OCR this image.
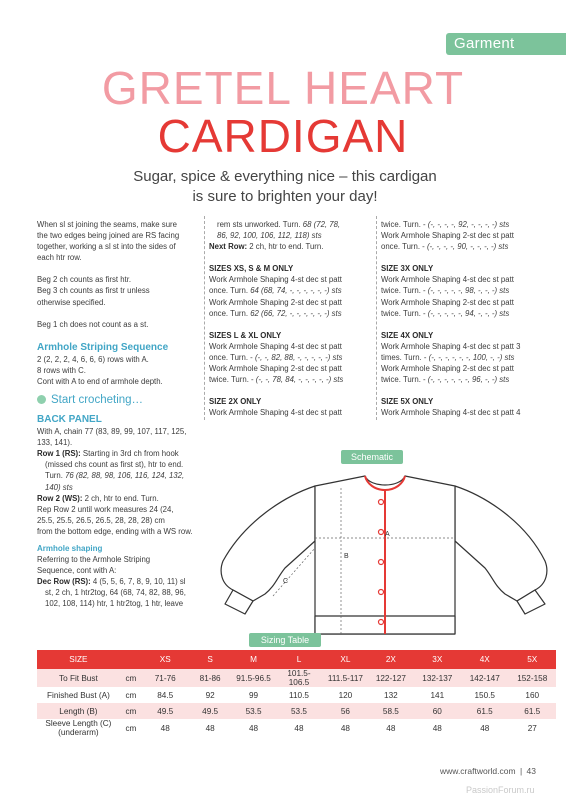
Garment
GRETEL HEART
CARDIGAN
Sugar, spice & everything nice – this cardigan
is sure to brighten your day!

When sl st joining the seams, make sure

the two edges being joined are RS facing

together, working a sl st into the sides of

each htr row.

Beg 2 ch counts as first htr.

Beg 3 ch counts as first tr unless

otherwise specified.

Beg 1 ch does not count as a st.

Armhole Striping Sequence

2 (2, 2, 2, 4, 6, 6, 6) rows with A.

8 rows with C.

Cont with A to end of armhole depth.

Start crocheting…

BACK PANEL

With A, chain 77 (83, 89, 99, 107, 117, 125,

133, 141).

Row 1 (RS): Starting in 3rd ch from hook

(missed chs count as first st), htr to end.

Turn. 76 (82, 88, 98, 106, 116, 124, 132,

140) sts

Row 2 (WS): 2 ch, htr to end. Turn.

Rep Row 2 until work measures 24 (24,

25.5, 25.5, 26.5, 26.5, 28, 28, 28) cm

from the bottom edge, ending with a WS row.

Armhole shaping

Referring to the Armhole Striping

Sequence, cont with A:

Dec Row (RS): 4 (5, 5, 6, 7, 8, 9, 10, 11) sl

st, 2 ch, 1 htr2tog, 64 (68, 74, 82, 88, 96,

102, 108, 114) htr, 1 htr2tog, 1 htr, leave

rem sts unworked. Turn. 68 (72, 78,

86, 92, 100, 106, 112, 118) sts

Next Row: 2 ch, htr to end. Turn.

SIZES XS, S & M ONLY

Work Armhole Shaping 4-st dec st patt

once. Turn. 64 (68, 74, -, -, -, -, -, -) sts

Work Armhole Shaping 2-st dec st patt

once. Turn. 62 (66, 72, -, -, -, -, -, -) sts

SIZES L & XL ONLY

Work Armhole Shaping 4-st dec st patt

once. Turn. - (-, -, 82, 88, -, -, -, -, -) sts

Work Armhole Shaping 2-st dec st patt

twice. Turn. - (-, -, 78, 84, -, -, -, -, -) sts

SIZE 2X ONLY

Work Armhole Shaping 4-st dec st patt

twice. Turn. - (-, -, -, -, 92, -, -, -, -) sts

Work Armhole Shaping 2-st dec st patt

once. Turn. - (-, -, -, -, 90, -, -, -, -) sts

SIZE 3X ONLY

Work Armhole Shaping 4-st dec st patt

twice. Turn. - (-, -, -, -, -, 98, -, -, -) sts

Work Armhole Shaping 2-st dec st patt

twice. Turn. - (-, -, -, -, -, 94, -, -, -) sts

SIZE 4X ONLY

Work Armhole Shaping 4-st dec st patt 3

times. Turn. - (-, -, -, -, -, -, 100, -, -) sts

Work Armhole Shaping 2-st dec st patt

twice. Turn. - (-, -, -, -, -, -, 96, -, -) sts

SIZE 5X ONLY

Work Armhole Shaping 4-st dec st patt 4

Schematic
A
B
C
Sizing Table
SIZE		XS	S	M	L	XL	2X	3X	4X	5X
To Fit Bust	cm	71-76	81-86	91.5-96.5	101.5-106.5	111.5-117	122-127	132-137	142-147	152-158
Finished Bust (A)	cm	84.5	92	99	110.5	120	132	141	150.5	160
Length (B)	cm	49.5	49.5	53.5	53.5	56	58.5	60	61.5	61.5
Sleeve Length (C) (underarm)	cm	48	48	48	48	48	48	48	48	27
www.craftworld.com | 43
PassionForum.ru
